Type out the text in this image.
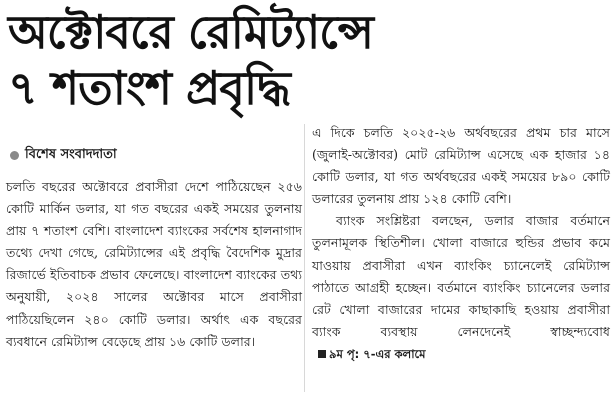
অক্টোবরে রেমিট্যান্সে
৭ শতাংশ প্রবৃদ্ধি
বিশেষ সংবাদদাতা

চলতি বছরের অক্টোবরে প্রবাসীরা দেশে পাঠিয়েছেন ২৫৬ কোটি মার্কিন ডলার, যা গত বছরের একই সময়ের তুলনায় প্রায় ৭ শতাংশ বেশি। বাংলাদেশ ব্যাংকের সর্বশেষ হালনাগাদ তথ্যে দেখা গেছে, রেমিট্যান্সের এই প্রবৃদ্ধি বৈদেশিক মুদ্রার রিজার্ভে ইতিবাচক প্রভাব ফেলেছে। বাংলাদেশ ব্যাংকের তথ্য অনুযায়ী, ২০২৪ সালের অক্টোবর মাসে প্রবাসীরা পাঠিয়েছিলেন ২৪০ কোটি ডলার। অর্থাৎ এক বছরের ব্যবধানে রেমিট্যান্স বেড়েছে প্রায় ১৬ কোটি ডলার।

এ দিকে চলতি ২০২৫-২৬ অর্থবছরের প্রথম চার মাসে (জুলাই-অক্টোবর) মোট রেমিট্যান্স এসেছে এক হাজার ১৪ কোটি ডলার, যা গত অর্থবছরের একই সময়ের ৮৯০ কোটি ডলারের তুলনায় প্রায় ১২৪ কোটি বেশি।

ব্যাংক সংশ্লিষ্টরা বলছেন, ডলার বাজার বর্তমানে তুলনামূলক স্থিতিশীল। খোলা বাজারে হুন্ডির প্রভাব কমে যাওয়ায় প্রবাসীরা এখন ব্যাংকিং চ্যানেলেই রেমিট্যান্স পাঠাতে আগ্রহী হচ্ছেন। বর্তমানে ব্যাংকিং চ্যানেলের ডলার রেট খোলা বাজারের দামের কাছাকাছি হওয়ায় প্রবাসীরা ব্যাংক ব্যবস্থায় লেনদেনেই স্বাচ্ছন্দ্যবোধ৯ম পৃ: ৭-এর কলামে
